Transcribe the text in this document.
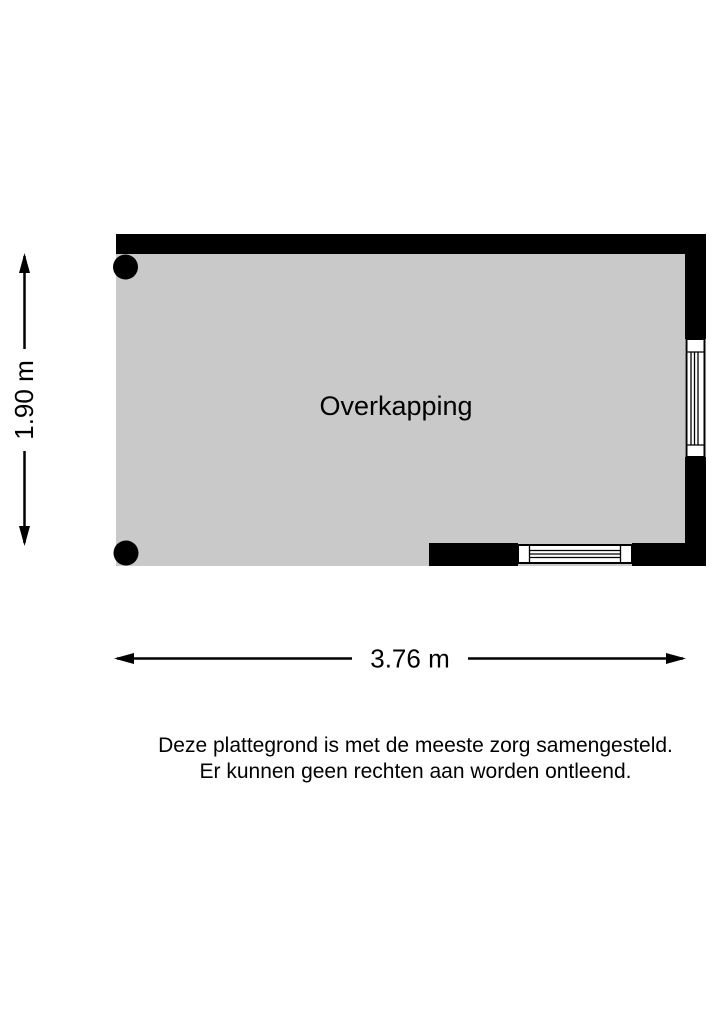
Overkapping
1.90 m
3.76 m
Deze plattegrond is met de meeste zorg samengesteld.
Er kunnen geen rechten aan worden ontleend.
